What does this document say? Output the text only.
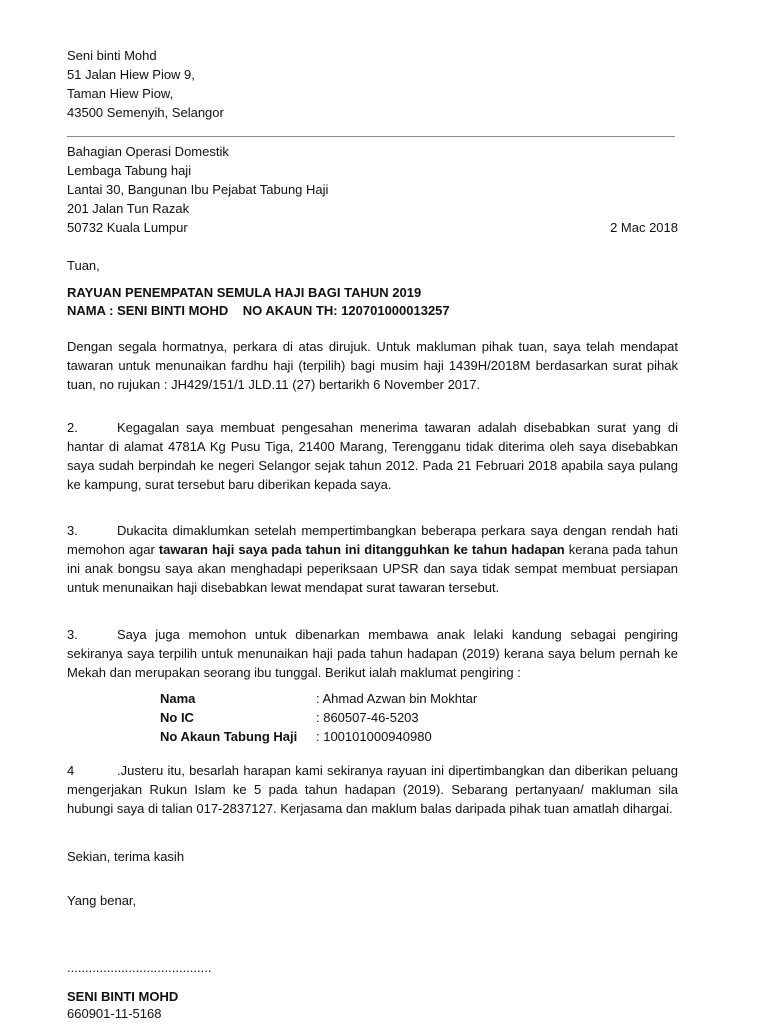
Seni binti Mohd
51 Jalan Hiew Piow 9,
Taman Hiew Piow,
43500 Semenyih, Selangor
Bahagian Operasi Domestik
Lembaga Tabung haji
Lantai 30, Bangunan Ibu Pejabat Tabung Haji
201 Jalan Tun Razak
50732 Kuala Lumpur	2 Mac 2018
Tuan,
RAYUAN PENEMPATAN SEMULA HAJI BAGI TAHUN 2019
NAMA : SENI BINTI MOHD    NO AKAUN TH: 120701000013257
Dengan segala hormatnya, perkara di atas dirujuk. Untuk makluman pihak tuan, saya telah mendapat tawaran untuk menunaikan fardhu haji (terpilih) bagi musim haji 1439H/2018M berdasarkan surat pihak tuan, no rujukan : JH429/151/1 JLD.11 (27) bertarikh 6 November 2017.
2.	Kegagalan saya membuat pengesahan menerima tawaran adalah disebabkan surat yang di hantar di alamat 4781A Kg Pusu Tiga, 21400 Marang, Terengganu tidak diterima oleh saya disebabkan saya sudah berpindah ke negeri Selangor sejak tahun 2012. Pada 21 Februari 2018 apabila saya pulang ke kampung, surat tersebut baru diberikan kepada saya.
3.	Dukacita dimaklumkan setelah mempertimbangkan beberapa perkara saya dengan rendah hati memohon agar tawaran haji saya pada tahun ini ditangguhkan ke tahun hadapan kerana pada tahun ini anak bongsu saya akan menghadapi peperiksaan UPSR dan saya tidak sempat membuat persiapan untuk menunaikan haji disebabkan lewat mendapat surat tawaran tersebut.
3.	Saya juga memohon untuk dibenarkan membawa anak lelaki kandung sebagai pengiring sekiranya saya terpilih untuk menunaikan haji pada tahun hadapan (2019) kerana saya belum pernah ke Mekah dan merupakan seorang ibu tunggal. Berikut ialah maklumat pengiring :
Nama	: Ahmad Azwan bin Mokhtar
No IC	: 860507-46-5203
No Akaun Tabung Haji	: 100101000940980
4	.Justeru itu, besarlah harapan kami sekiranya rayuan ini dipertimbangkan dan diberikan peluang mengerjakan Rukun Islam ke 5 pada tahun hadapan (2019). Sebarang pertanyaan/ makluman sila hubungi saya di talian 017-2837127. Kerjasama dan maklum balas daripada pihak tuan amatlah dihargai.
Sekian, terima kasih
Yang benar,
........................................
SENI BINTI MOHD
660901-11-5168
